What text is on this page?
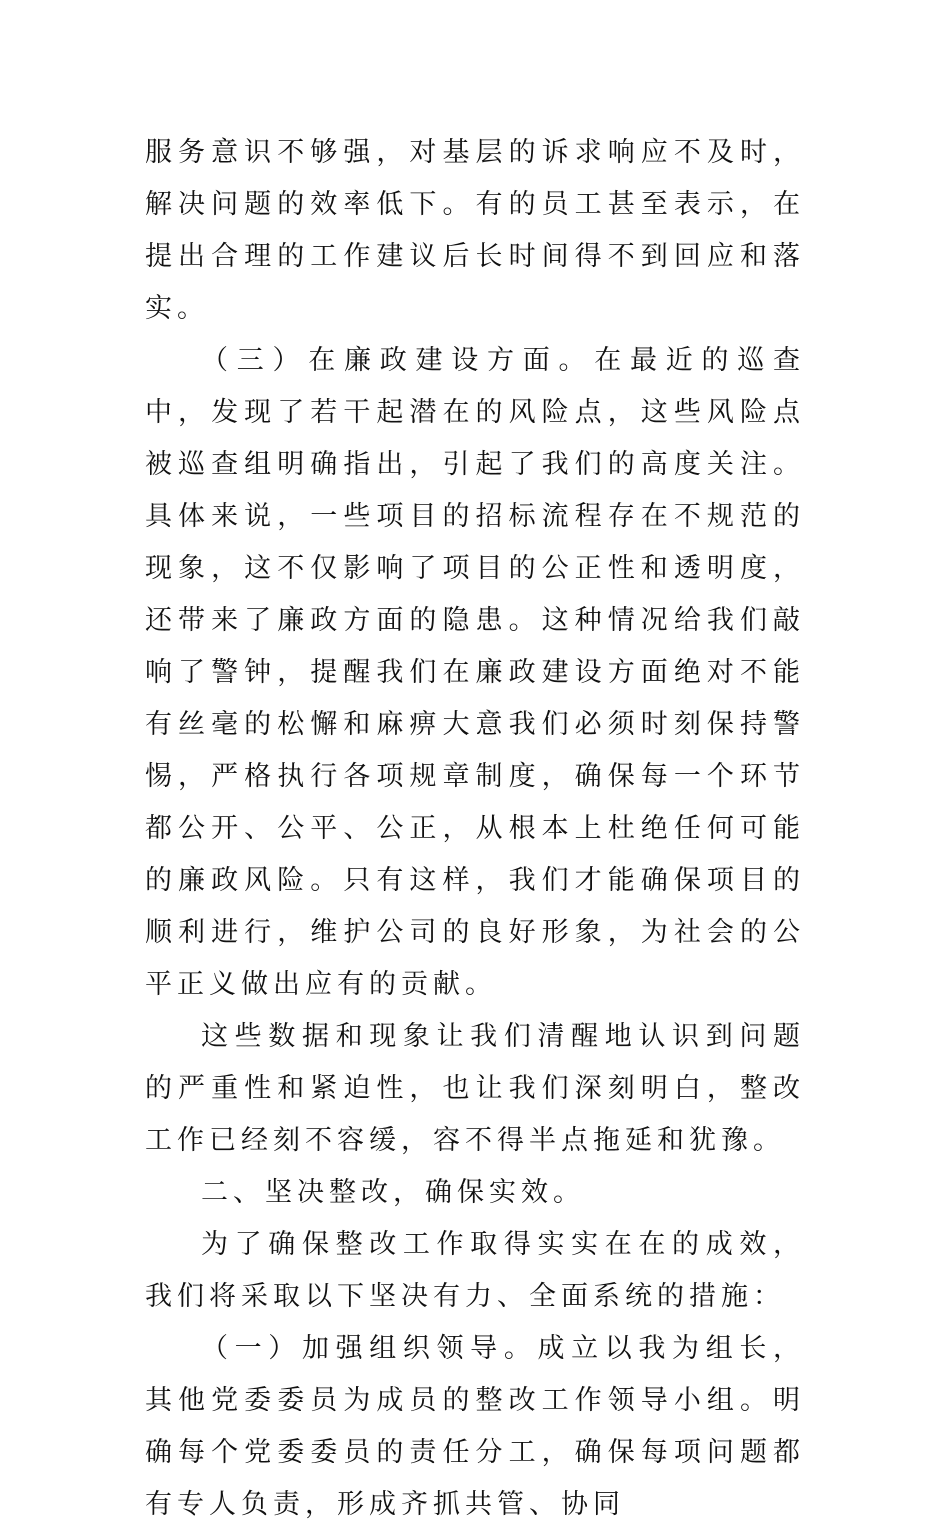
服务意识不够强，对基层的诉求响应不及时，解决问题的效率低下。有的员工甚至表示，在提出合理的工作建议后长时间得不到回应和落实。

（三）在廉政建设方面。在最近的巡查中，发现了若干起潜在的风险点，这些风险点被巡查组明确指出，引起了我们的高度关注。具体来说，一些项目的招标流程存在不规范的现象，这不仅影响了项目的公正性和透明度，还带来了廉政方面的隐患。这种情况给我们敲响了警钟，提醒我们在廉政建设方面绝对不能有丝毫的松懈和麻痹大意我们必须时刻保持警惕，严格执行各项规章制度，确保每一个环节都公开、公平、公正，从根本上杜绝任何可能的廉政风险。只有这样，我们才能确保项目的顺利进行，维护公司的良好形象，为社会的公平正义做出应有的贡献。

这些数据和现象让我们清醒地认识到问题的严重性和紧迫性，也让我们深刻明白，整改工作已经刻不容缓，容不得半点拖延和犹豫。

二、坚决整改，确保实效。

为了确保整改工作取得实实在在的成效，我们将采取以下坚决有力、全面系统的措施：

（一）加强组织领导。成立以我为组长，其他党委委员为成员的整改工作领导小组。明确每个党委委员的责任分工，确保每项问题都有专人负责，形成齐抓共管、协同
